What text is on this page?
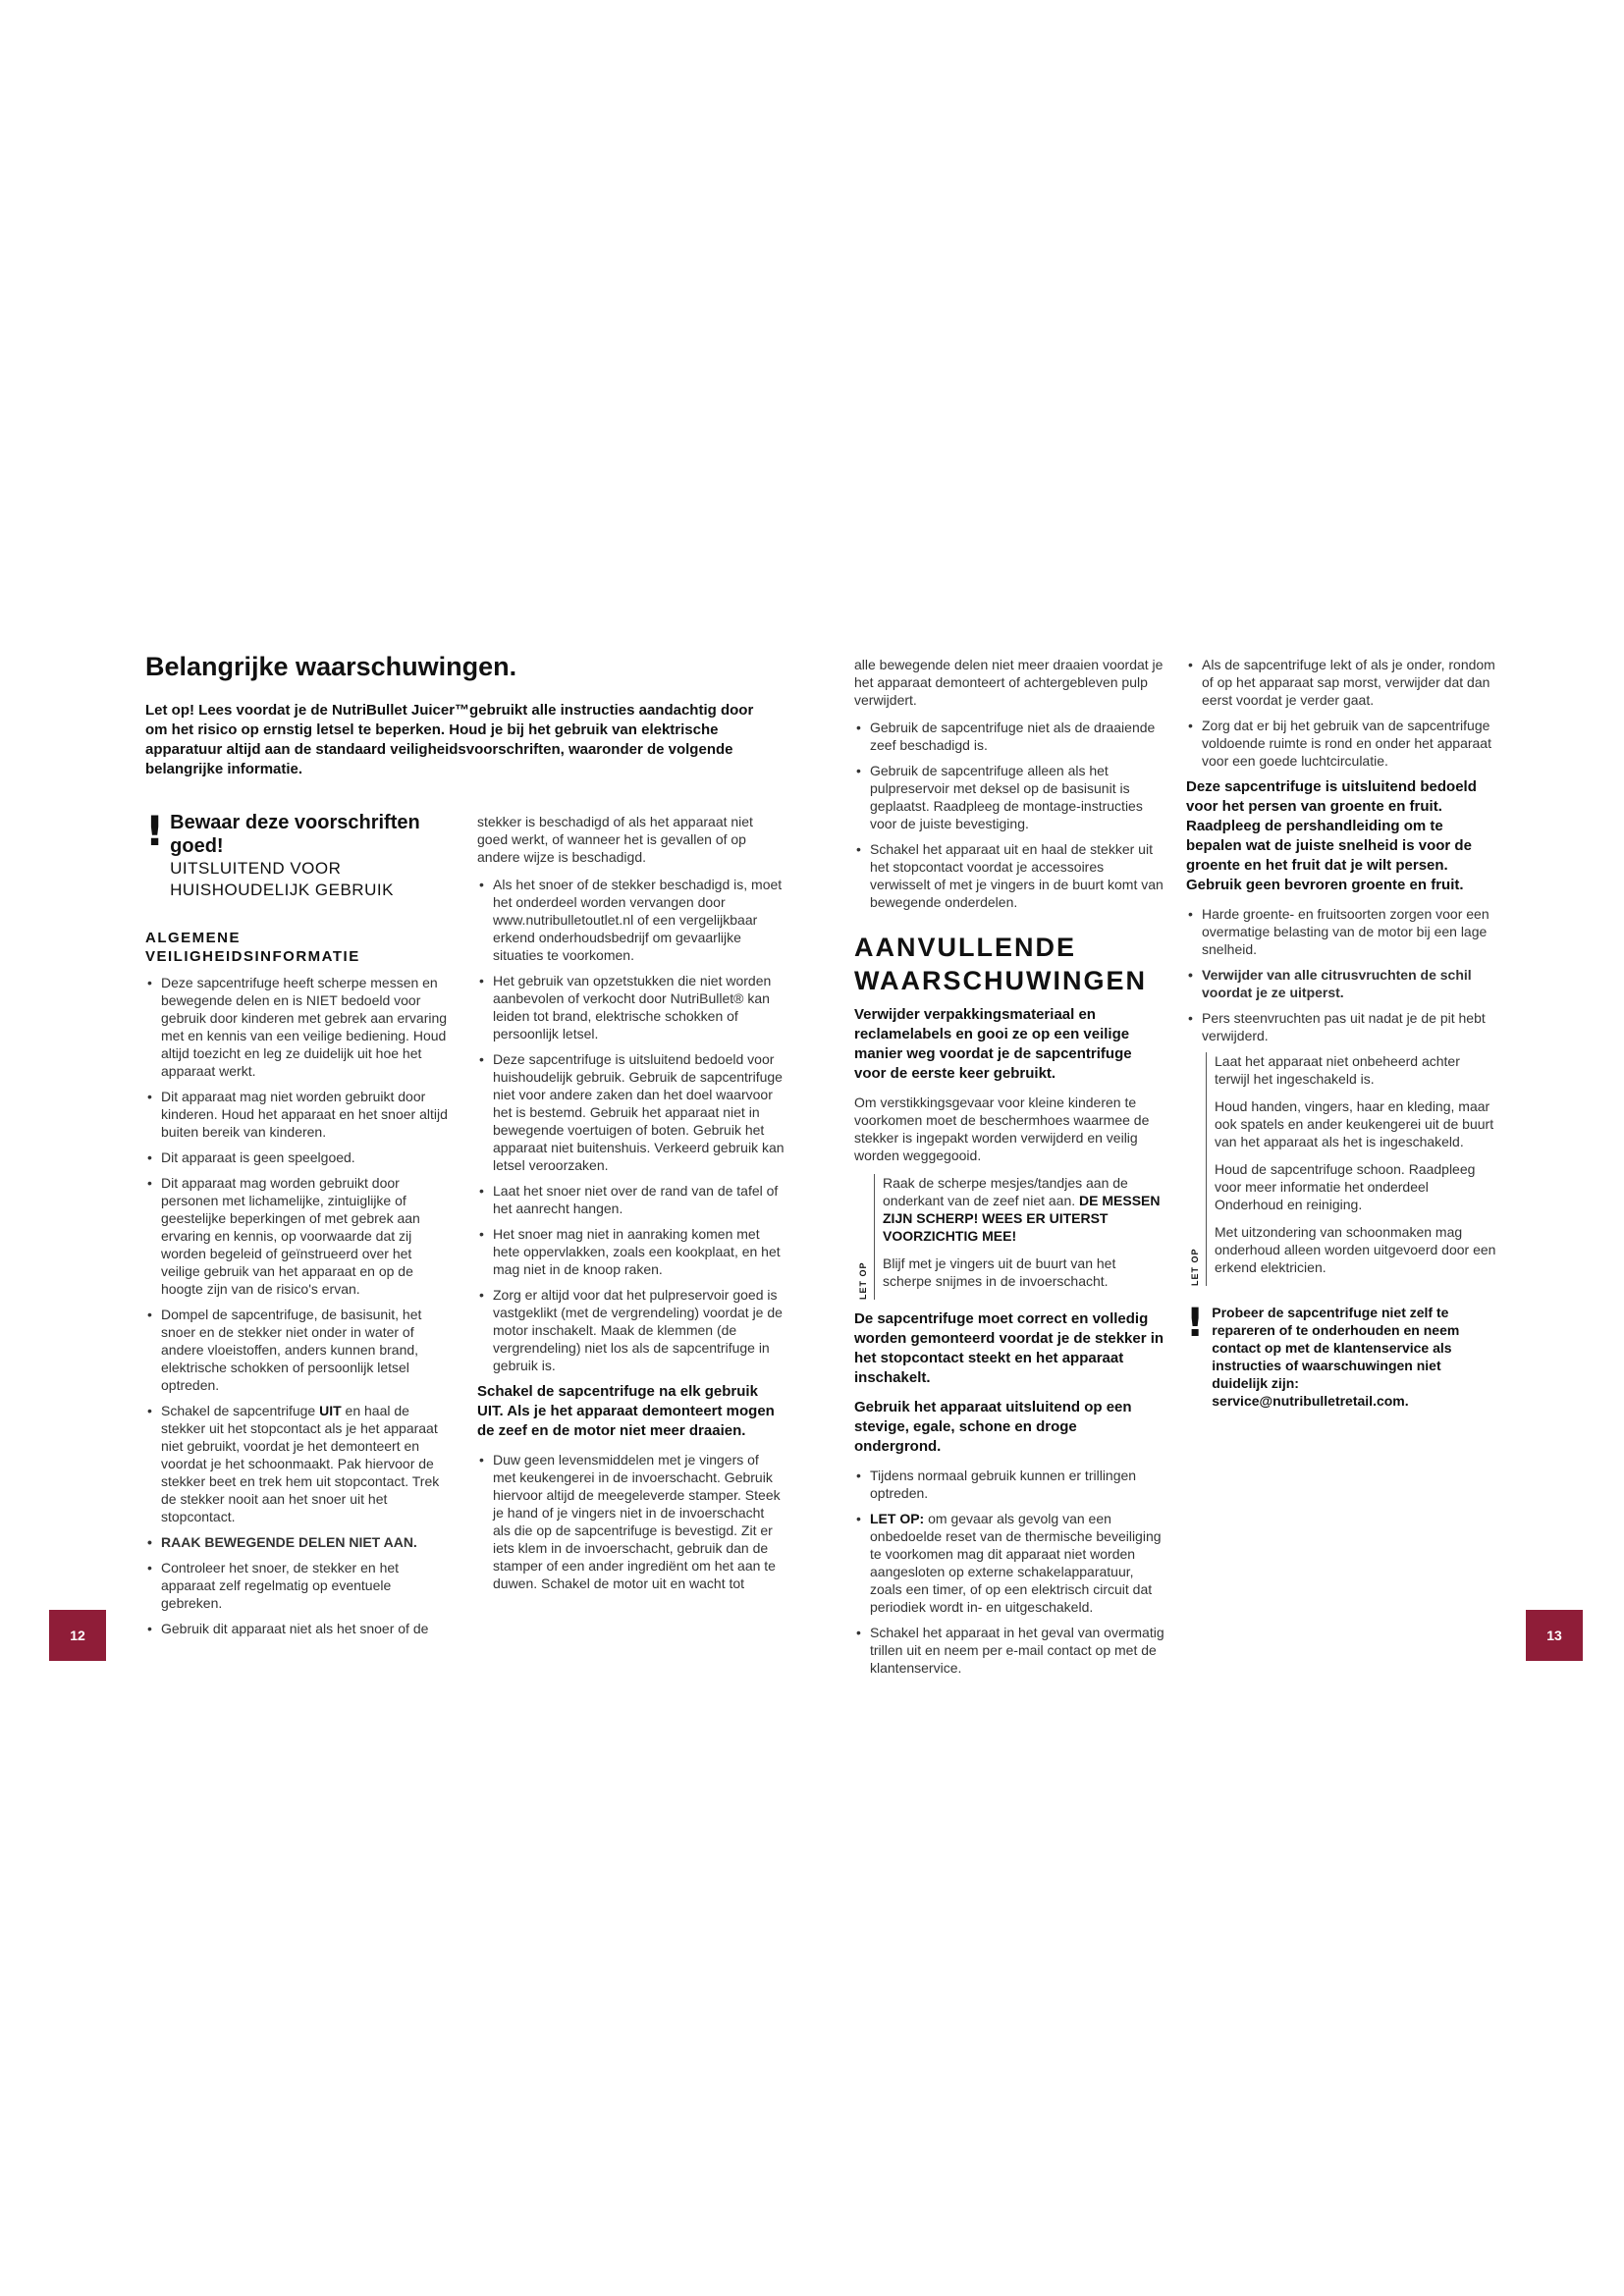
Belangrijke waarschuwingen.
Let op! Lees voordat je de NutriBullet Juicer™gebruikt alle instructies aandachtig door om het risico op ernstig letsel te beperken. Houd je bij het gebruik van elektrische apparatuur altijd aan de standaard veiligheidsvoorschriften, waaronder de volgende belangrijke informatie.
! Bewaar deze voorschriften goed!
UITSLUITEND VOOR HUISHOUDELIJK GEBRUIK
ALGEMENE VEILIGHEIDSINFORMATIE
• Deze sapcentrifuge heeft scherpe messen en bewegende delen en is NIET bedoeld voor gebruik door kinderen met gebrek aan ervaring met en kennis van een veilige bediening. Houd altijd toezicht en leg ze duidelijk uit hoe het apparaat werkt.
• Dit apparaat mag niet worden gebruikt door kinderen. Houd het apparaat en het snoer altijd buiten bereik van kinderen.
• Dit apparaat is geen speelgoed.
• Dit apparaat mag worden gebruikt door personen met lichamelijke, zintuiglijke of geestelijke beperkingen of met gebrek aan ervaring en kennis, op voorwaarde dat zij worden begeleid of geïnstrueerd over het veilige gebruik van het apparaat en op de hoogte zijn van de risico's ervan.
• Dompel de sapcentrifuge, de basisunit, het snoer en de stekker niet onder in water of andere vloeistoffen, anders kunnen brand, elektrische schokken of persoonlijk letsel optreden.
• Schakel de sapcentrifuge UIT en haal de stekker uit het stopcontact als je het apparaat niet gebruikt, voordat je het demonteert en voordat je het schoonmaakt. Pak hiervoor de stekker beet en trek hem uit stopcontact. Trek de stekker nooit aan het snoer uit het stopcontact.
• RAAK BEWEGENDE DELEN NIET AAN.
• Controleer het snoer, de stekker en het apparaat zelf regelmatig op eventuele gebreken.
• Gebruik dit apparaat niet als het snoer of de

stekker is beschadigd of als het apparaat niet goed werkt, of wanneer het is gevallen of op andere wijze is beschadigd.

• Als het snoer of de stekker beschadigd is, moet het onderdeel worden vervangen door www.nutribulletoutlet.nl of een vergelijkbaar erkend onderhoudsbedrijf om gevaarlijke situaties te voorkomen.
• Het gebruik van opzetstukken die niet worden aanbevolen of verkocht door NutriBullet® kan leiden tot brand, elektrische schokken of persoonlijk letsel.
• Deze sapcentrifuge is uitsluitend bedoeld voor huishoudelijk gebruik. Gebruik de sapcentrifuge niet voor andere zaken dan het doel waarvoor het is bestemd. Gebruik het apparaat niet in bewegende voertuigen of boten. Gebruik het apparaat niet buitenshuis. Verkeerd gebruik kan letsel veroorzaken.
• Laat het snoer niet over de rand van de tafel of het aanrecht hangen.
• Het snoer mag niet in aanraking komen met hete oppervlakken, zoals een kookplaat, en het mag niet in de knoop raken.
• Zorg er altijd voor dat het pulpreservoir goed is vastgeklikt (met de vergrendeling) voordat je de motor inschakelt. Maak de klemmen (de vergrendeling) niet los als de sapcentrifuge in gebruik is.

Schakel de sapcentrifuge na elk gebruik UIT. Als je het apparaat demonteert mogen de zeef en de motor niet meer draaien.

• Duw geen levensmiddelen met je vingers of met keukengerei in de invoerschacht. Gebruik hiervoor altijd de meegeleverde stamper. Steek je hand of je vingers niet in de invoerschacht als die op de sapcentrifuge is bevestigd. Zit er iets klem in de invoerschacht, gebruik dan de stamper of een ander ingrediënt om het aan te duwen. Schakel de motor uit en wacht tot
12

alle bewegende delen niet meer draaien voordat je het apparaat demonteert of achtergebleven pulp verwijdert.

• Gebruik de sapcentrifuge niet als de draaiende zeef beschadigd is.
• Gebruik de sapcentrifuge alleen als het pulpreservoir met deksel op de basisunit is geplaatst. Raadpleeg de montage-instructies voor de juiste bevestiging.
• Schakel het apparaat uit en haal de stekker uit het stopcontact voordat je accessoires verwisselt of met je vingers in de buurt komt van bewegende onderdelen.
AANVULLENDE WAARSCHUWINGEN

Verwijder verpakkingsmateriaal en reclamelabels en gooi ze op een veilige manier weg voordat je de sapcentrifuge voor de eerste keer gebruikt.

Om verstikkingsgevaar voor kleine kinderen te voorkomen moet de beschermhoes waarmee de stekker is ingepakt worden verwijderd en veilig worden weggegooid.

LET OP

Raak de scherpe mesjes/tandjes aan de onderkant van de zeef niet aan. DE MESSEN ZIJN SCHERP! WEES ER UITERST VOORZICHTIG MEE!

Blijf met je vingers uit de buurt van het scherpe snijmes in de invoerschacht.

De sapcentrifuge moet correct en volledig worden gemonteerd voordat je de stekker in het stopcontact steekt en het apparaat inschakelt.

Gebruik het apparaat uitsluitend op een stevige, egale, schone en droge ondergrond.

• Tijdens normaal gebruik kunnen er trillingen optreden.
• LET OP: om gevaar als gevolg van een onbedoelde reset van de thermische beveiliging te voorkomen mag dit apparaat niet worden aangesloten op externe schakelapparatuur, zoals een timer, of op een elektrisch circuit dat periodiek wordt in- en uitgeschakeld.
• Schakel het apparaat in het geval van overmatig trillen uit en neem per e-mail contact op met de klantenservice.
• Als de sapcentrifuge lekt of als je onder, rondom of op het apparaat sap morst, verwijder dat dan eerst voordat je verder gaat.
• Zorg dat er bij het gebruik van de sapcentrifuge voldoende ruimte is rond en onder het apparaat voor een goede luchtcirculatie.

Deze sapcentrifuge is uitsluitend bedoeld voor het persen van groente en fruit. Raadpleeg de pershandleiding om te bepalen wat de juiste snelheid is voor de groente en het fruit dat je wilt persen. Gebruik geen bevroren groente en fruit.

• Harde groente- en fruitsoorten zorgen voor een overmatige belasting van de motor bij een lage snelheid.
• Verwijder van alle citrusvruchten de schil voordat je ze uitperst.
• Pers steenvruchten pas uit nadat je de pit hebt verwijderd.
LET OP

Laat het apparaat niet onbeheerd achter terwijl het ingeschakeld is.

Houd handen, vingers, haar en kleding, maar ook spatels en ander keukengerei uit de buurt van het apparaat als het is ingeschakeld.

Houd de sapcentrifuge schoon. Raadpleeg voor meer informatie het onderdeel Onderhoud en reiniging.

Met uitzondering van schoonmaken mag onderhoud alleen worden uitgevoerd door een erkend elektricien.

! Probeer de sapcentrifuge niet zelf te repareren of te onderhouden en neem contact op met de klantenservice als instructies of waarschuwingen niet duidelijk zijn: service@nutribulletretail.com.
13
